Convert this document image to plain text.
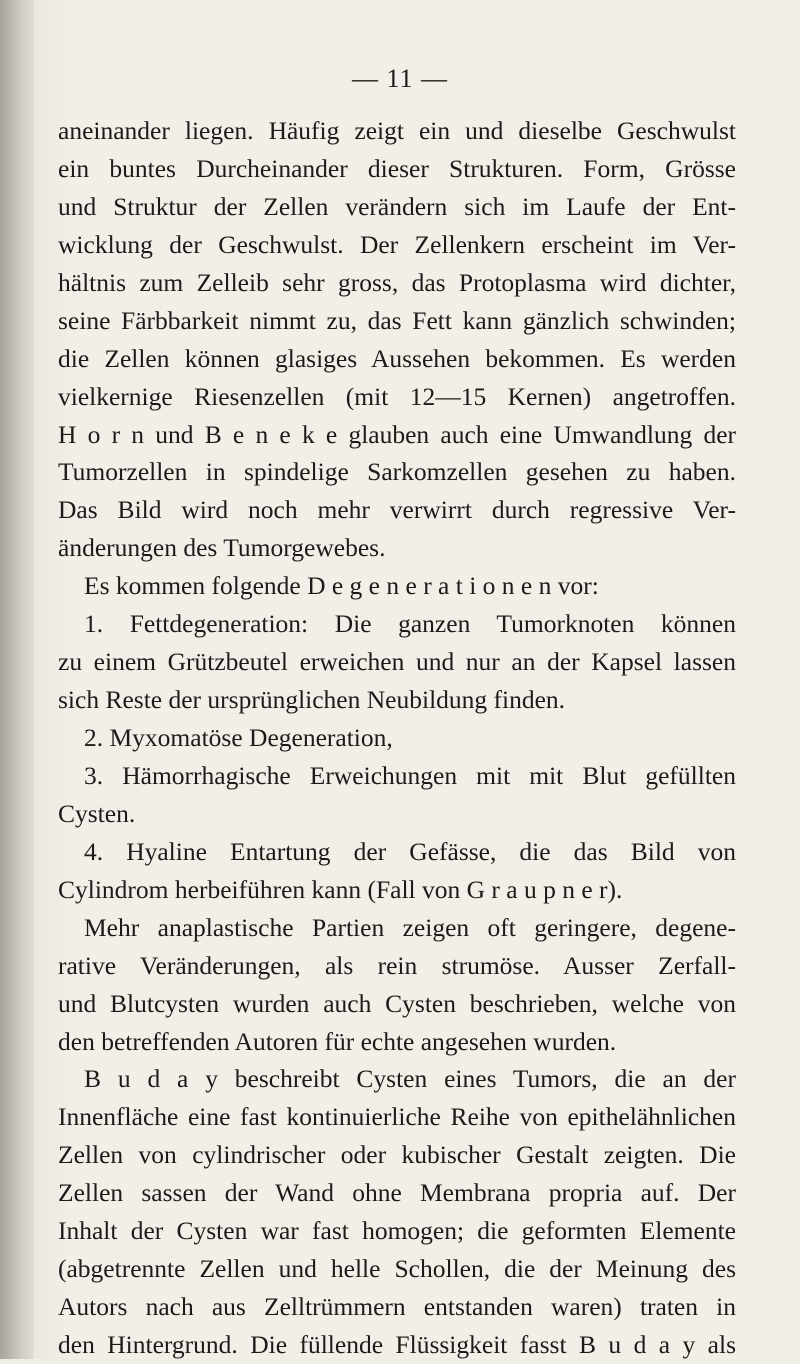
— 11 —
aneinander liegen. Häufig zeigt ein und dieselbe Geschwulst
ein buntes Durcheinander dieser Strukturen. Form, Grösse
und Struktur der Zellen verändern sich im Laufe der Ent-
wicklung der Geschwulst. Der Zellenkern erscheint im Ver-
hältnis zum Zelleib sehr gross, das Protoplasma wird dichter,
seine Färbbarkeit nimmt zu, das Fett kann gänzlich schwinden;
die Zellen können glasiges Aussehen bekommen. Es werden
vielkernige Riesenzellen (mit 12—15 Kernen) angetroffen.
H o r n und B e n e k e glauben auch eine Umwandlung der
Tumorzellen in spindelige Sarkomzellen gesehen zu haben.
Das Bild wird noch mehr verwirrt durch regressive Ver-
änderungen des Tumorgewebes.
Es kommen folgende D e g e n e r a t i o n e n vor:
1. Fettdegeneration: Die ganzen Tumorknoten können
zu einem Grützbeutel erweichen und nur an der Kapsel lassen
sich Reste der ursprünglichen Neubildung finden.
2. Myxomatöse Degeneration,
3. Hämorrhagische Erweichungen mit mit Blut gefüllten
Cysten.
4. Hyaline Entartung der Gefässe, die das Bild von
Cylindrom herbeiführen kann (Fall von G r a u p n e r).
Mehr anaplastische Partien zeigen oft geringere, degene-
rative Veränderungen, als rein strumöse. Ausser Zerfall-
und Blutcysten wurden auch Cysten beschrieben, welche von
den betreffenden Autoren für echte angesehen wurden.
B u d a y beschreibt Cysten eines Tumors, die an der
Innenfläche eine fast kontinuierliche Reihe von epithelähnlichen
Zellen von cylindrischer oder kubischer Gestalt zeigten. Die
Zellen sassen der Wand ohne Membrana propria auf. Der
Inhalt der Cysten war fast homogen; die geformten Elemente
(abgetrennte Zellen und helle Schollen, die der Meinung des
Autors nach aus Zelltrümmern entstanden waren) traten in
den Hintergrund. Die füllende Flüssigkeit fasst B u d a y als
